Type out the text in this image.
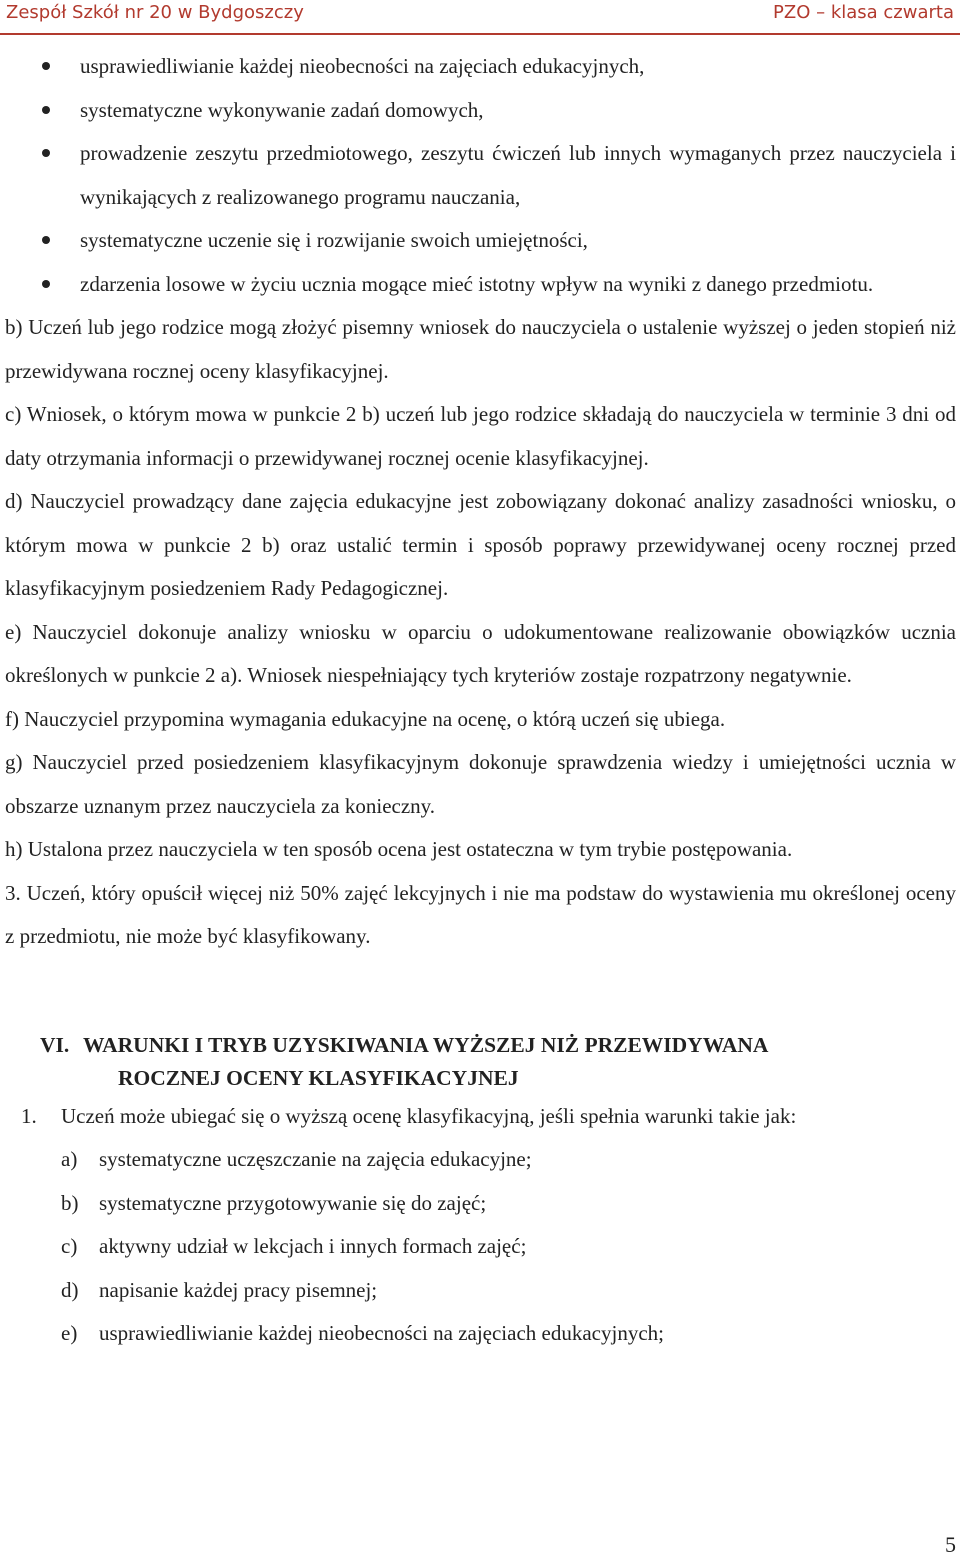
Zespół Szkół nr 20 w Bydgoszczy	PZO – klasa czwarta
usprawiedliwianie każdej nieobecności na zajęciach edukacyjnych,
systematyczne wykonywanie zadań domowych,
prowadzenie zeszytu przedmiotowego, zeszytu ćwiczeń lub innych wymaganych przez nauczyciela i wynikających z realizowanego programu nauczania,
systematyczne uczenie się i rozwijanie swoich umiejętności,
zdarzenia losowe w życiu ucznia mogące mieć istotny wpływ na wyniki z danego przedmiotu.

b) Uczeń lub jego rodzice mogą złożyć pisemny wniosek do nauczyciela o ustalenie wyższej o jeden stopień niż przewidywana rocznej oceny klasyfikacyjnej.

c) Wniosek, o którym mowa w punkcie 2 b) uczeń lub jego rodzice składają do nauczyciela w terminie 3 dni od daty otrzymania informacji o przewidywanej rocznej ocenie klasyfikacyjnej.

d) Nauczyciel prowadzący dane zajęcia edukacyjne jest zobowiązany dokonać analizy zasadności wniosku, o którym mowa w punkcie 2 b) oraz ustalić termin i sposób poprawy przewidywanej oceny rocznej przed klasyfikacyjnym posiedzeniem Rady Pedagogicznej.

e) Nauczyciel dokonuje analizy wniosku w oparciu o udokumentowane realizowanie obowiązków ucznia określonych w punkcie 2 a). Wniosek niespełniający tych kryteriów zostaje rozpatrzony negatywnie.

f) Nauczyciel przypomina wymagania edukacyjne na ocenę, o którą uczeń się ubiega.

g) Nauczyciel przed posiedzeniem klasyfikacyjnym dokonuje sprawdzenia wiedzy i umiejętności ucznia w obszarze uznanym przez nauczyciela za konieczny.

h) Ustalona przez nauczyciela w ten sposób ocena jest ostateczna w tym trybie postępowania.

3. Uczeń, który opuścił więcej niż 50% zajęć lekcyjnych i nie ma podstaw do wystawienia mu określonej oceny z przedmiotu, nie może być klasyfikowany.

VI. WARUNKI I TRYB UZYSKIWANIA WYŻSZEJ NIŻ PRZEWIDYWANA
ROCZNEJ OCENY KLASYFIKACYJNEJ
1. Uczeń może ubiegać się o wyższą ocenę klasyfikacyjną, jeśli spełnia warunki takie jak:
a) systematyczne uczęszczanie na zajęcia edukacyjne;
b) systematyczne przygotowywanie się do zajęć;
c) aktywny udział w lekcjach i innych formach zajęć;
d) napisanie każdej pracy pisemnej;
e) usprawiedliwianie każdej nieobecności na zajęciach edukacyjnych;
5
